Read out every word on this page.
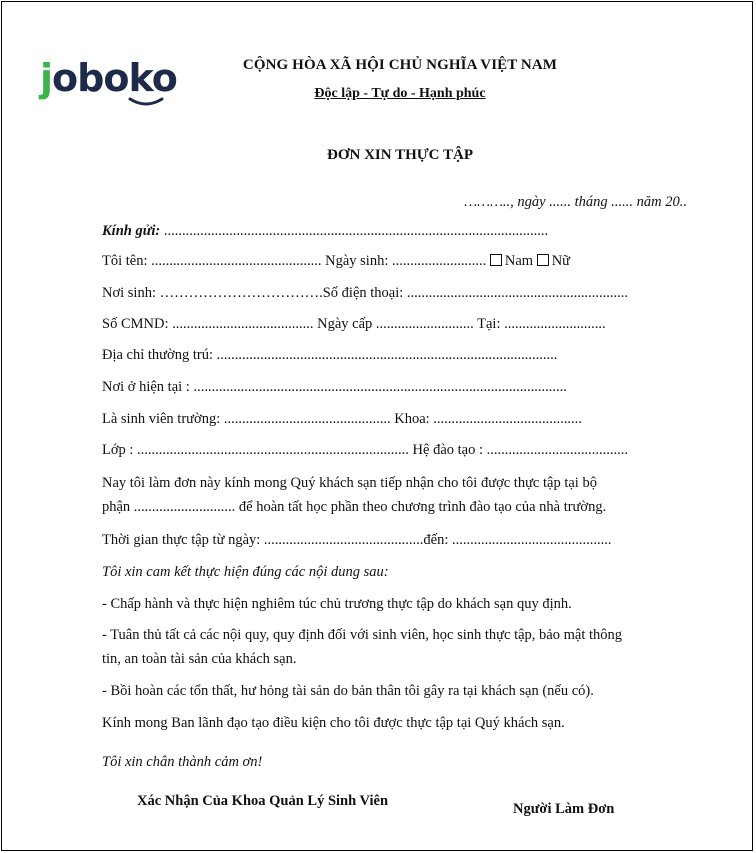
joboko	CỘNG HÒA XÃ HỘI CHỦ NGHĨA VIỆT NAM
Độc lập - Tự do - Hạnh phúc
ĐƠN XIN THỰC TẬP
……….., ngày ...... tháng ...... năm 20..
Kính gửi: ..........................................................................................................
Tôi tên: ............................................... Ngày sinh: .......................... Nam Nữ
Nơi sinh: …………………………….Số điện thoại: .............................................................
Số CMND: ....................................... Ngày cấp ........................... Tại: ............................
Địa chỉ thường trú: ..............................................................................................
Nơi ở hiện tại : .......................................................................................................
Là sinh viên trường: .............................................. Khoa: .........................................
Lớp : ........................................................................... Hệ đào tạo : .......................................
Nay tôi làm đơn này kính mong Quý khách sạn tiếp nhận cho tôi được thực tập tại bộ
phận ............................ để hoàn tất học phần theo chương trình đào tạo của nhà trường.
Thời gian thực tập từ ngày: ............................................đến: ............................................
Tôi xin cam kết thực hiện đúng các nội dung sau:
- Chấp hành và thực hiện nghiêm túc chủ trương thực tập do khách sạn quy định.
- Tuân thủ tất cả các nội quy, quy định đối với sinh viên, học sinh thực tập, bảo mật thông
tin, an toàn tài sản của khách sạn.
- Bồi hoàn các tổn thất, hư hỏng tài sản do bản thân tôi gây ra tại khách sạn (nếu có).
Kính mong Ban lãnh đạo tạo điều kiện cho tôi được thực tập tại Quý khách sạn.
Tôi xin chân thành cảm ơn!
Xác Nhận Của Khoa Quản Lý Sinh Viên	Người Làm Đơn
